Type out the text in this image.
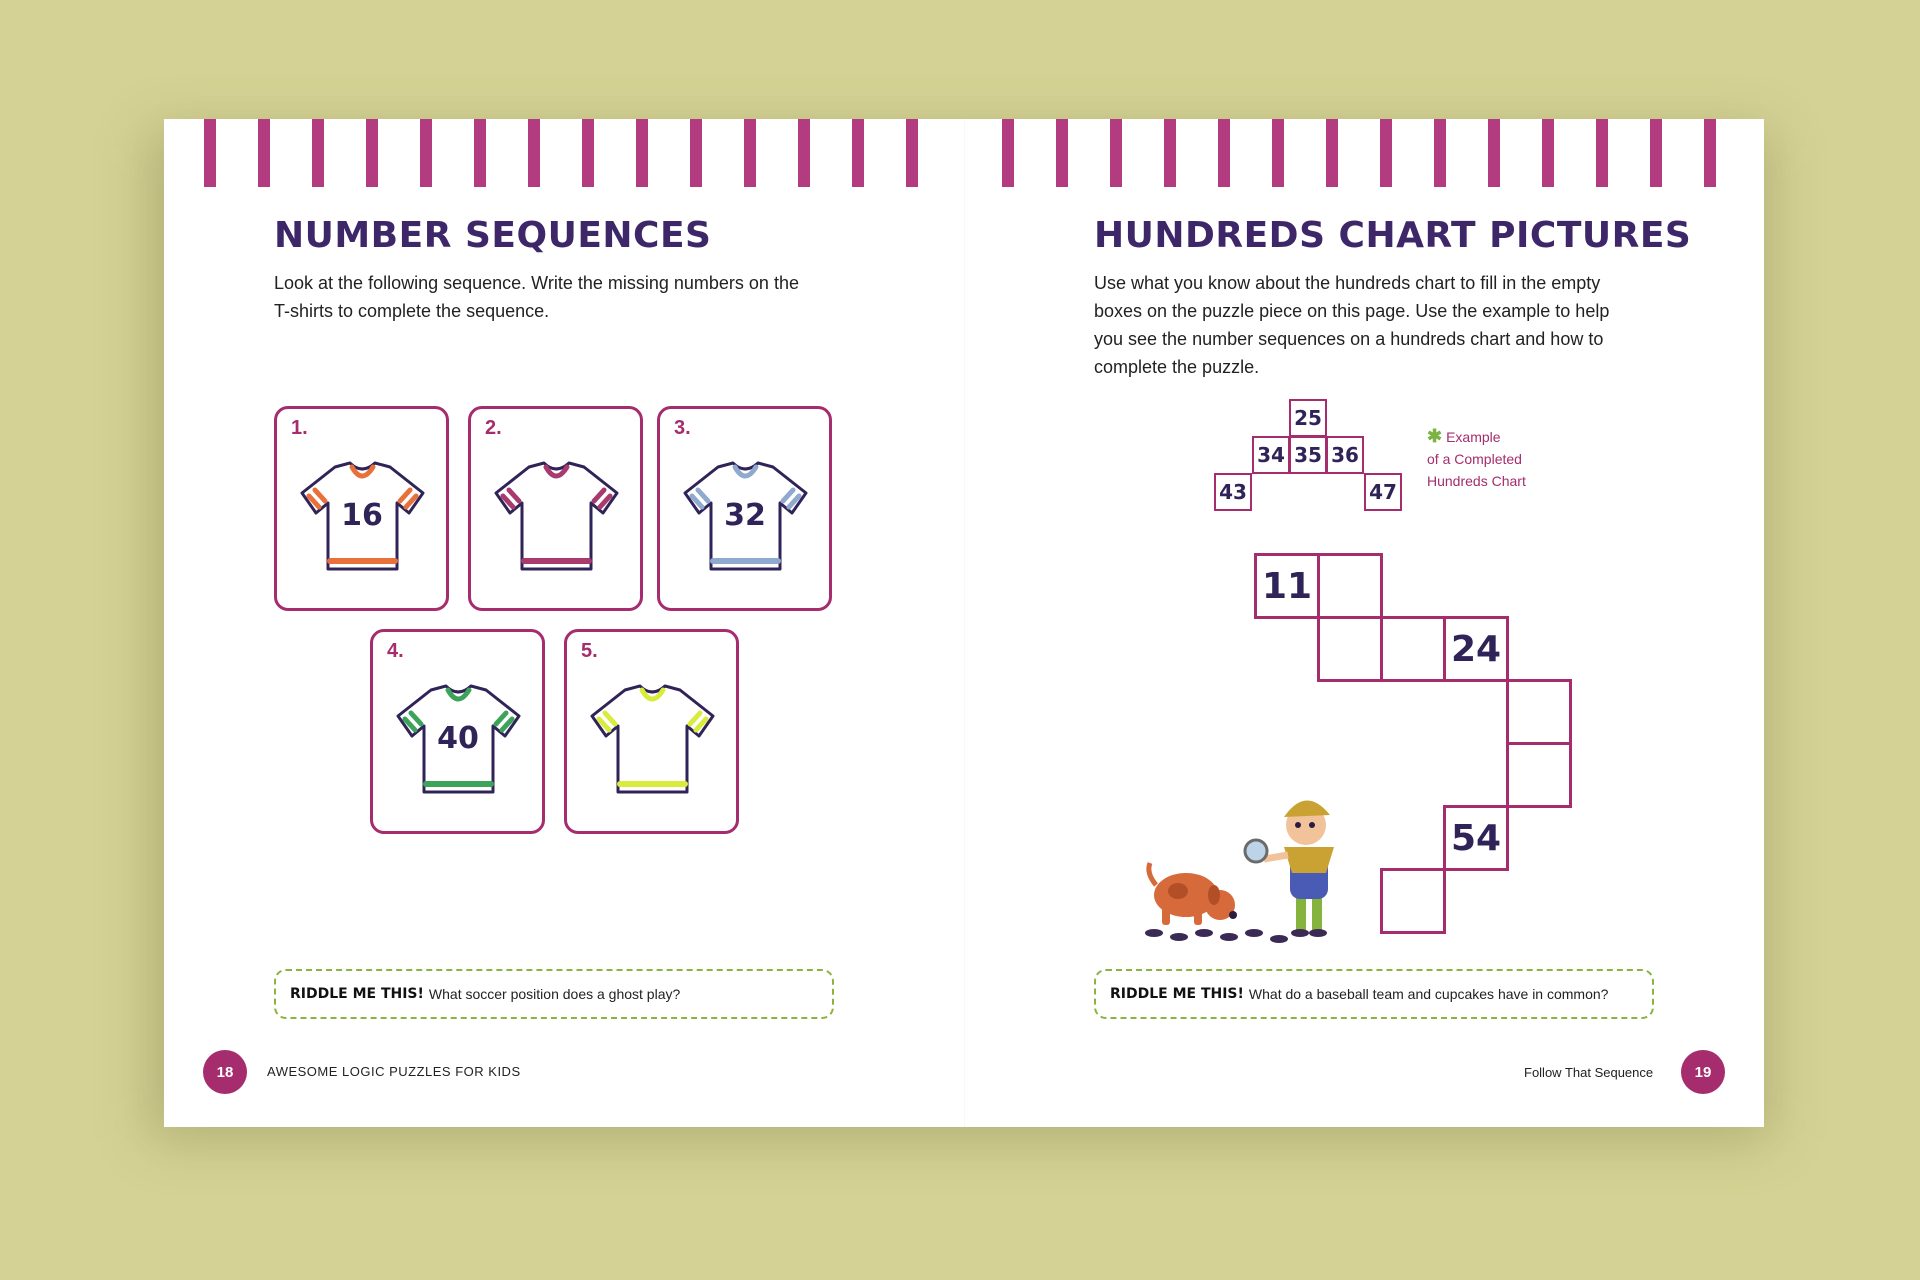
NUMBER SEQUENCES
Look at the following sequence. Write the missing numbers on the
T-shirts to complete the sequence.
1.
16
2.	3.
32
4.
40
5.
RIDDLE ME THIS! What soccer position does a ghost play?
18	AWESOME LOGIC PUZZLES FOR KIDS
HUNDREDS CHART PICTURES
Use what you know about the hundreds chart to fill in the empty
boxes on the puzzle piece on this page. Use the example to help
you see the number sequences on a hundreds chart and how to
complete the puzzle.
25
34 35 36
43	47
✱ Example
of a Completed
Hundreds Chart
11
24
54
RIDDLE ME THIS! What do a baseball team and cupcakes have in common?
Follow That Sequence	19
